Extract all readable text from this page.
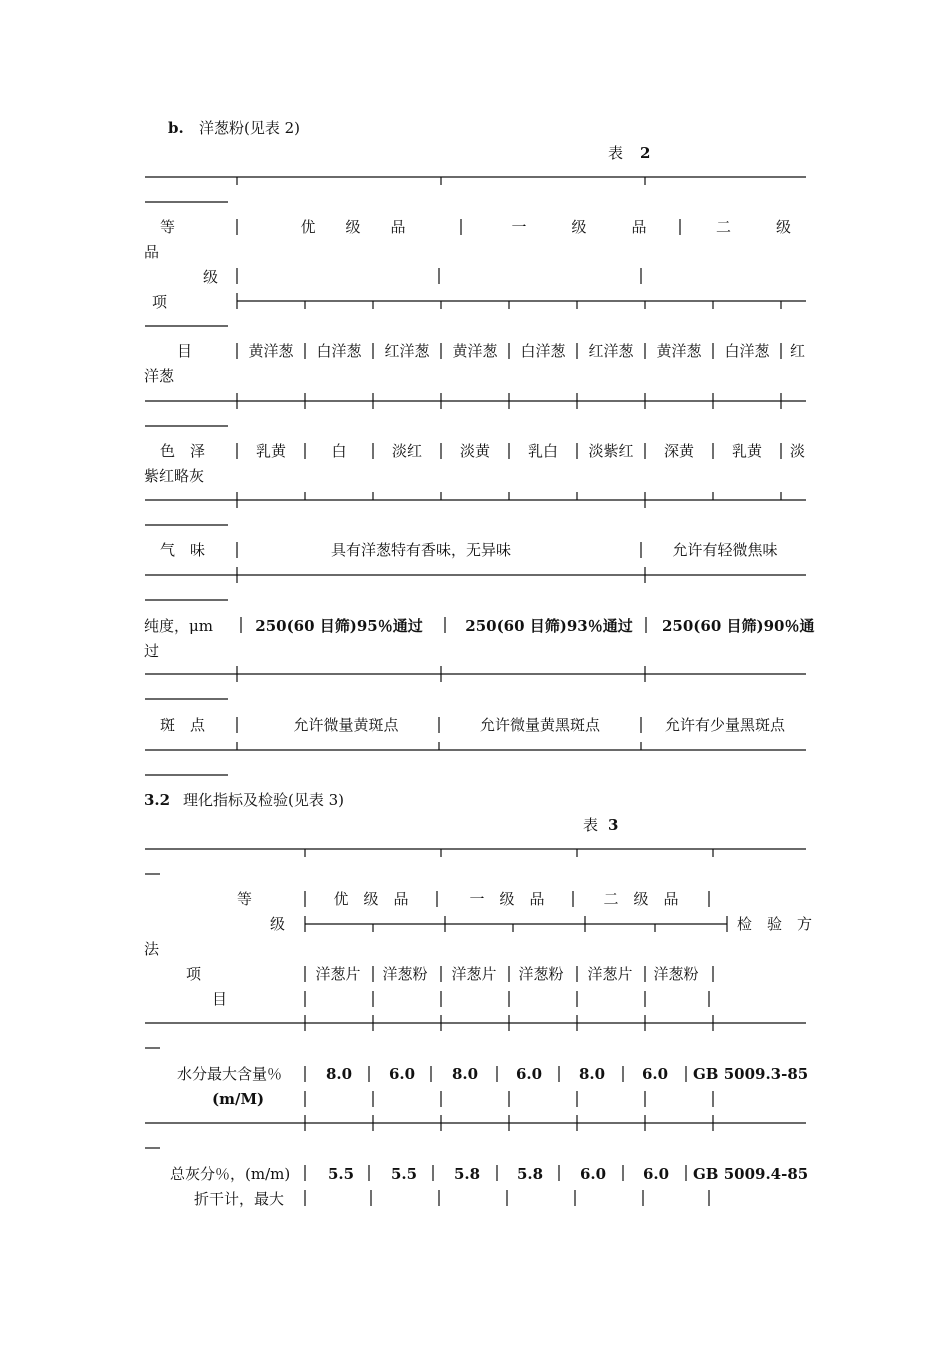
b. 洋葱粉(见表 2)
表 2
等	优　　级　　品	一　　　级　　　品	二　　　级
品
级
项
目	黄洋葱 白洋葱 红洋葱 黄洋葱 白洋葱 红洋葱 黄洋葱 白洋葱 红
洋葱
色　泽	乳黄	白	淡红	淡黄	乳白 淡紫红 深黄	乳黄 淡
紫红略灰
气　味	具有洋葱特有香味，无异味	允许有轻微焦味
纯度，μm	250(60 目筛)95％通过	250(60 目筛)93％通过 250(60 目筛)90％通
过
斑　点	允许微量黄斑点	允许微量黄黑斑点	允许有少量黑斑点
3.2 理化指标及检验(见表 3)
表 3
等	优　级　品	一　级　品	二　级　品
级	检　验　方
法
项	洋葱片 洋葱粉 洋葱片 洋葱粉 洋葱片 洋葱粉
目
水分最大含量％
(m/M)
8.0 6.0 8.0	6.0 8.0 6.0 GB 5009.3-85
总灰分％，(m/m)
折干计，最大
5.5 5.5 5.8 5.8 6.0 6.0 GB 5009.4-85
